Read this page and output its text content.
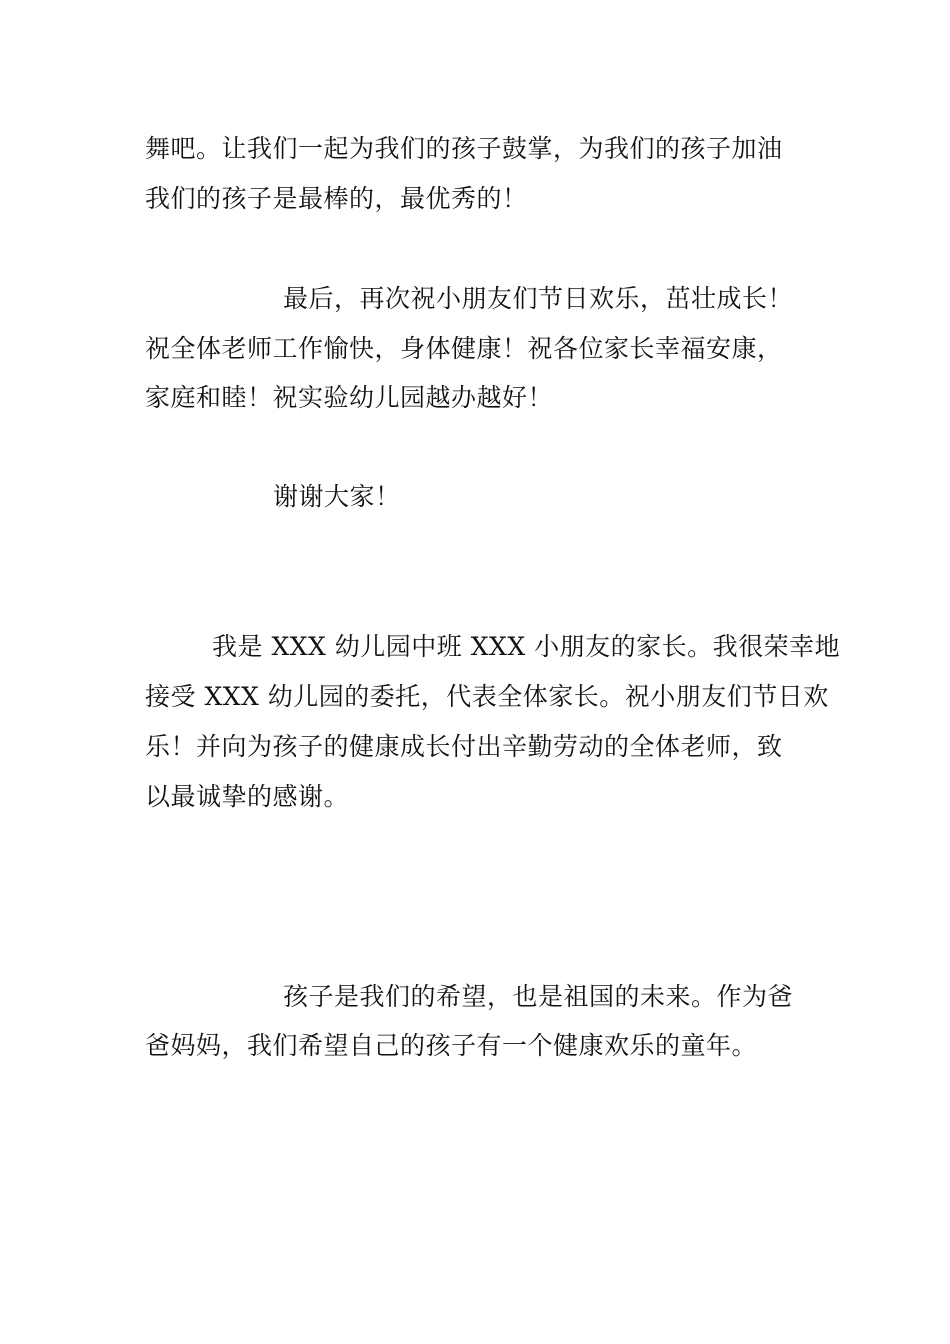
舞吧。让我们一起为我们的孩子鼓掌，为我们的孩子加油
我们的孩子是最棒的，最优秀的！
最后，再次祝小朋友们节日欢乐，茁壮成长！
祝全体老师工作愉快，身体健康！祝各位家长幸福安康，
家庭和睦！祝实验幼儿园越办越好！
谢谢大家！
我是 XXX 幼儿园中班 XXX 小朋友的家长。我很荣幸地
接受 XXX 幼儿园的委托，代表全体家长。祝小朋友们节日欢
乐！并向为孩子的健康成长付出辛勤劳动的全体老师，致
以最诚挚的感谢。
孩子是我们的希望，也是祖国的未来。作为爸
爸妈妈，我们希望自己的孩子有一个健康欢乐的童年。
